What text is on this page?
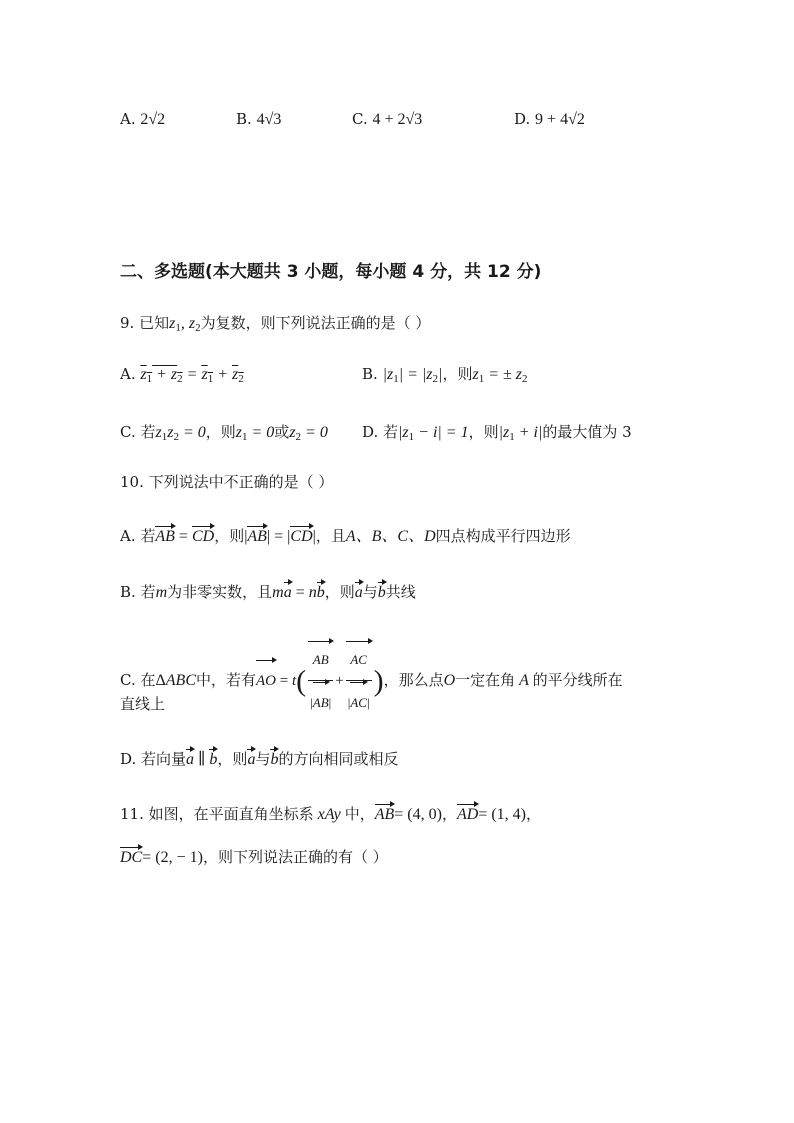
A. 2√2	B. 4√3	C. 4 + 2√3	D. 9 + 4√2
二、多选题(本大题共 3 小题，每小题 4 分，共 12 分)
9. 已知$z_1$, $z_2$为复数，则下列说法正确的是（ ）
A. $z_1 + z_2 = z_1 + z_2$	B. $|z_1| = |z_2|$，则$z_1$ = ± $z_2$
C. 若$z_1z_2 = 0$，则$z_1 = 0$或$z_2 = 0$ D. 若$|z_1 - i| = 1$，则$|z_1 + i|$的最大值为 3
10. 下列说法中不正确的是（ ）
A. 若AB = CD，则|AB| = |CD|，且A、B、C、D四点构成平行四边形
B. 若m为非零实数，且ma = nb，则a与b共线
C. 在ΔABC中，若有AO = $t( \frac{AB}{|AB|} + \frac{AC}{|AC|}$ )，那么点O一定在角 A 的平分线所在
直线上
D. 若向量a ∥ b，则a与b的方向相同或相反
11. 如图，在平面直角坐标系 xAy 中，AB= (4, 0)，AD= (1, 4)，
DC= (2, − 1)，则下列说法正确的有（ ）
